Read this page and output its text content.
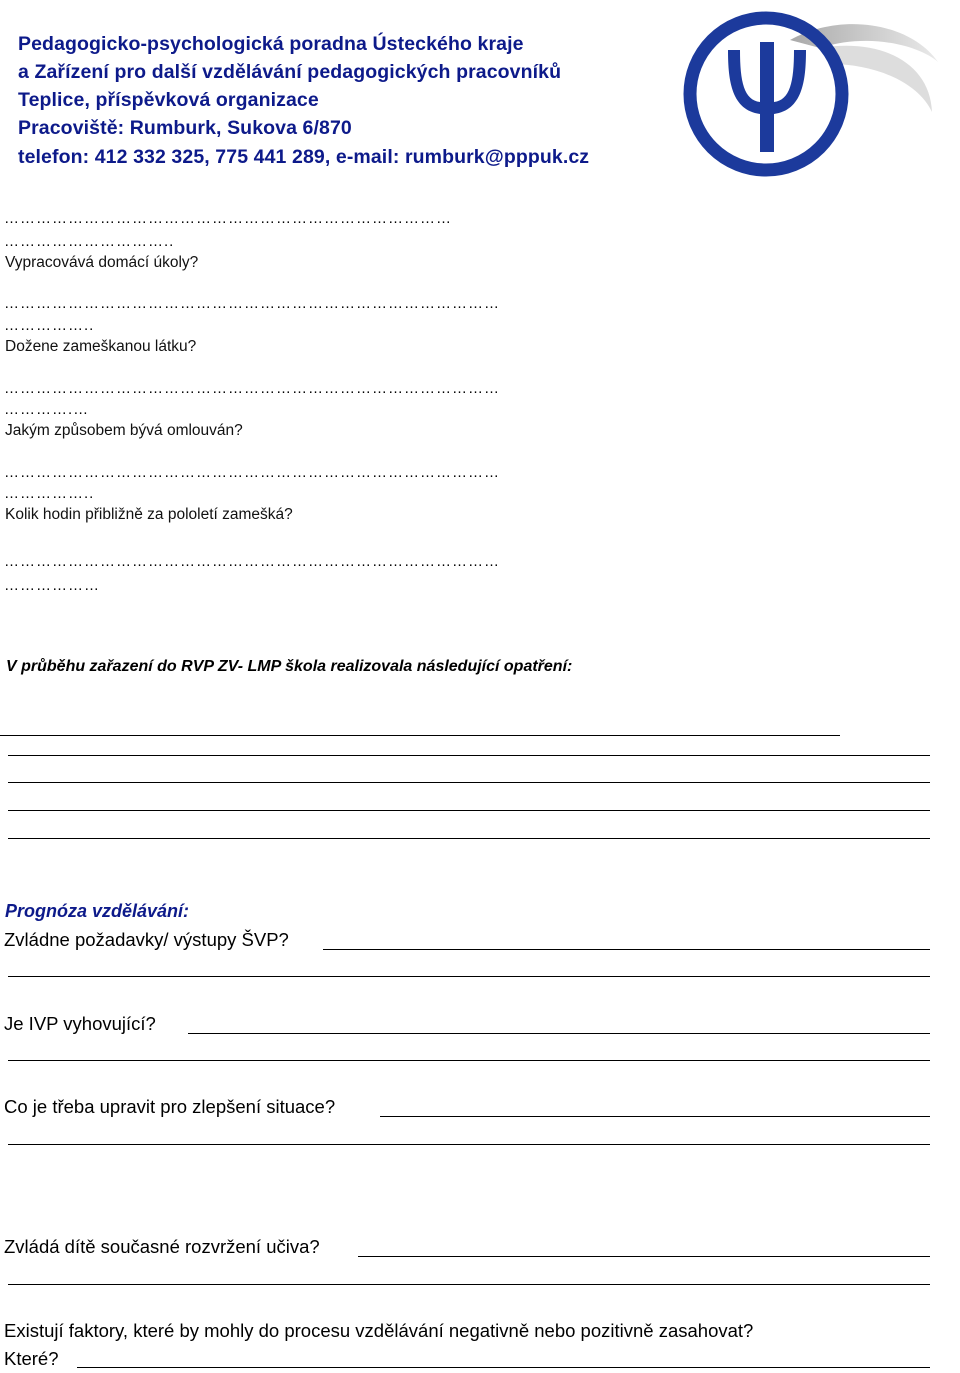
Pedagogicko-psychologická poradna Ústeckého kraje
a Zařízení pro další vzdělávání pedagogických pracovníků
Teplice, příspěvková organizace
Pracoviště: Rumburk, Sukova 6/870
telefon: 412 332 325, 775 441 289, e-mail: rumburk@pppuk.cz
…………………………………………………………………………
…………………………..
Vypracovává domácí úkoly?
…………………………………………………………………………………
……………..
Dožene zameškanou látku?
…………………………………………………………………………………
………….…
Jakým způsobem bývá omlouván?
…………………………………………………………………………………
……………..
Kolik hodin přibližně za pololetí zamešká?
…………………………………………………………………………………
………………
V průběhu zařazení do RVP ZV- LMP škola realizovala následující opatření:
Prognóza vzdělávání:
Zvládne požadavky/ výstupy ŠVP?
Je IVP vyhovující?
Co je třeba upravit pro zlepšení situace?
Zvládá dítě současné rozvržení učiva?
Existují faktory, které by mohly do procesu vzdělávání negativně nebo pozitivně zasahovat?
Které?
